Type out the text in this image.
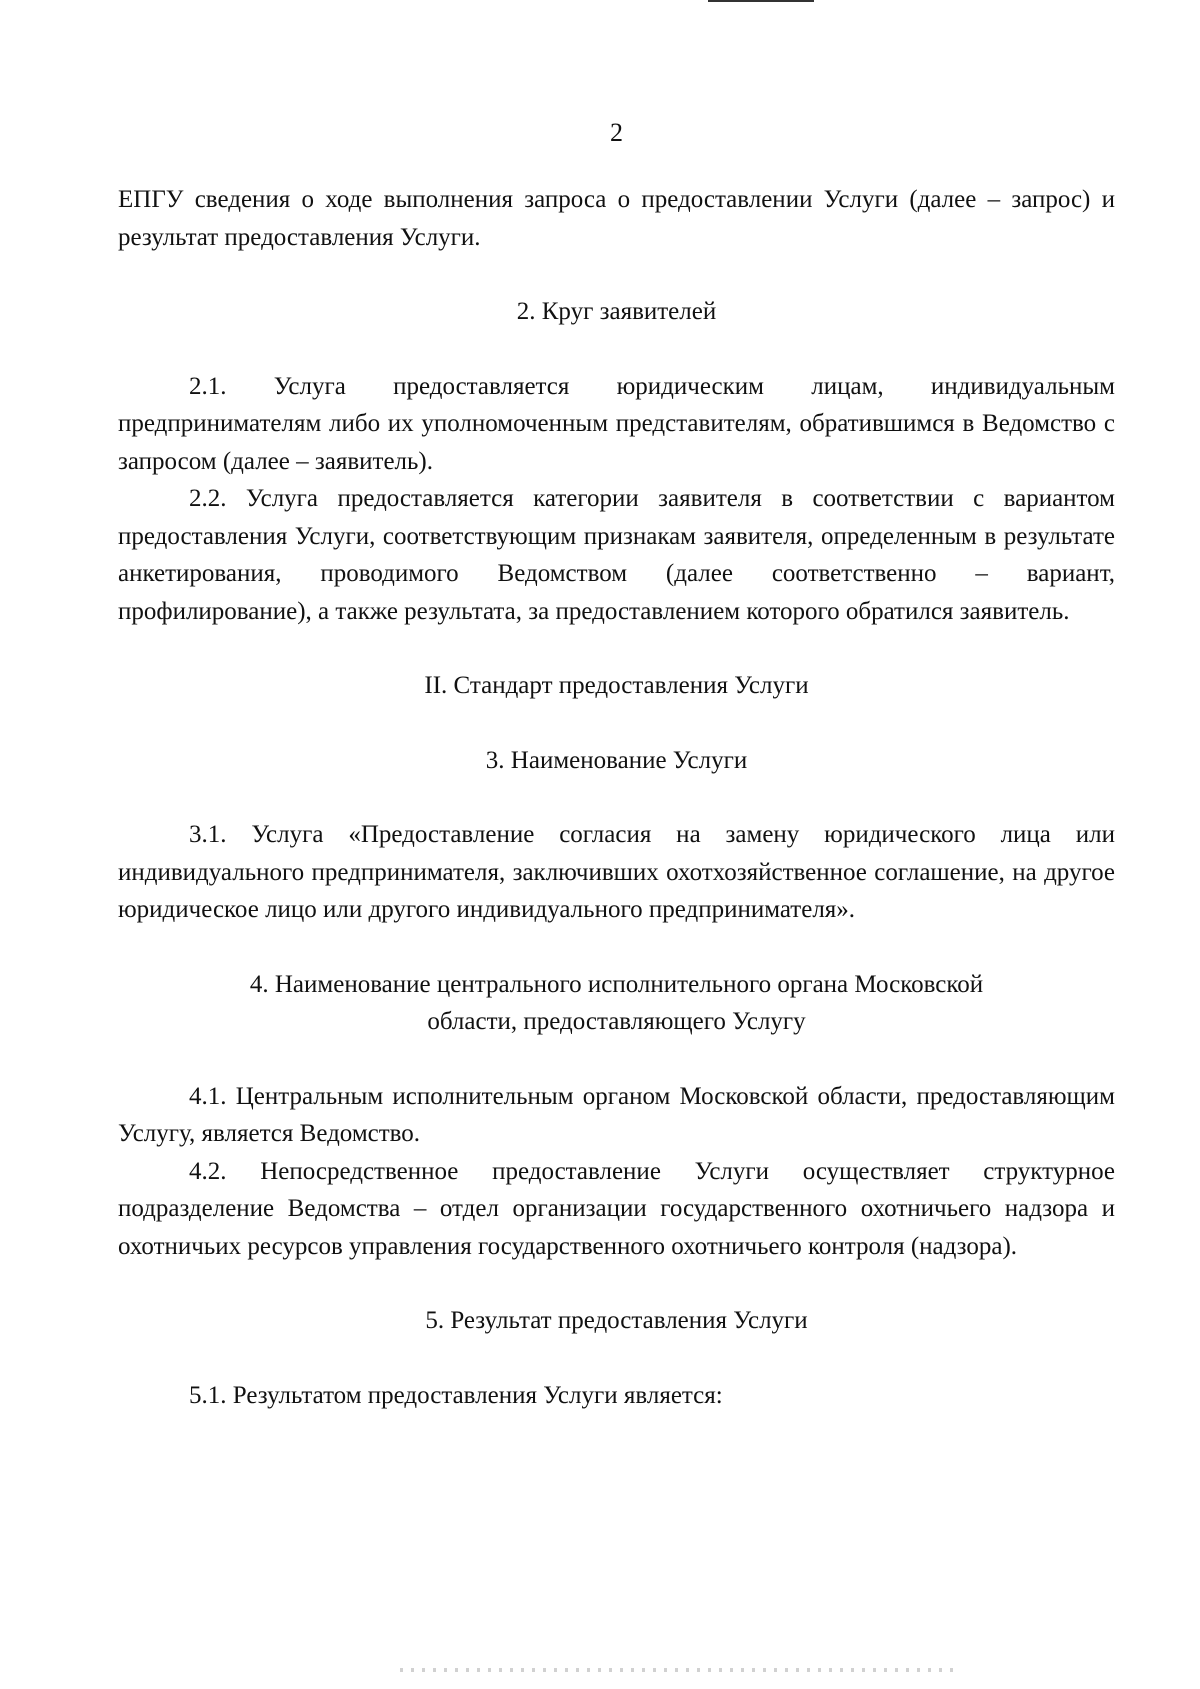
2

ЕПГУ сведения о ходе выполнения запроса о предоставлении Услуги (далее – запрос) и результат предоставления Услуги.

2. Круг заявителей

2.1. Услуга предоставляется юридическим лицам, индивидуальным предпринимателям либо их уполномоченным представителям, обратившимся в Ведомство с запросом (далее – заявитель).

2.2. Услуга предоставляется категории заявителя в соответствии с вариантом предоставления Услуги, соответствующим признакам заявителя, определенным в результате анкетирования, проводимого Ведомством (далее соответственно – вариант, профилирование), а также результата, за предоставлением которого обратился заявитель.

II. Стандарт предоставления Услуги
3. Наименование Услуги

3.1. Услуга «Предоставление согласия на замену юридического лица или индивидуального предпринимателя, заключивших охотхозяйственное соглашение, на другое юридическое лицо или другого индивидуального предпринимателя».

4. Наименование центрального исполнительного органа Московской области, предоставляющего Услугу

4.1. Центральным исполнительным органом Московской области, предоставляющим Услугу, является Ведомство.

4.2. Непосредственное предоставление Услуги осуществляет структурное подразделение Ведомства – отдел организации государственного охотничьего надзора и охотничьих ресурсов управления государственного охотничьего контроля (надзора).

5. Результат предоставления Услуги

5.1. Результатом предоставления Услуги является:
